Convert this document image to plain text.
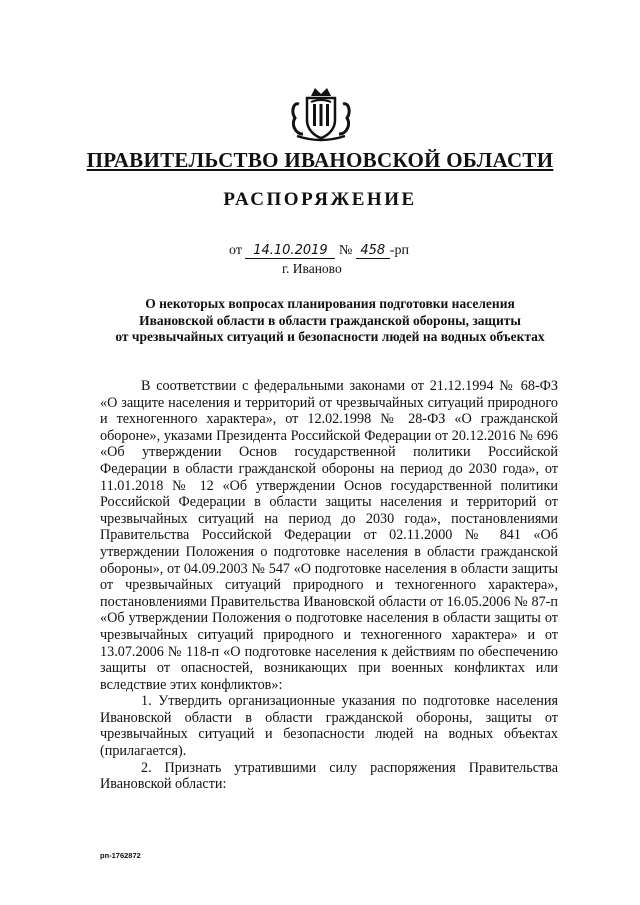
ПРАВИТЕЛЬСТВО ИВАНОВСКОЙ ОБЛАСТИ
РАСПОРЯЖЕНИЕ
от 14.10.2019 № 458 -рп
г. Иваново
О некоторых вопросах планирования подготовки населения
Ивановской области в области гражданской обороны, защиты
от чрезвычайных ситуаций и безопасности людей на водных объектах

В соответствии с федеральными законами от 21.12.1994 № 68-ФЗ «О защите населения и территорий от чрезвычайных ситуаций природного и техногенного характера», от 12.02.1998 № 28-ФЗ «О гражданской обороне», указами Президента Российской Федерации от 20.12.2016 № 696 «Об утверждении Основ государственной политики Российской Федерации в области гражданской обороны на период до 2030 года», от 11.01.2018 № 12 «Об утверждении Основ государственной политики Российской Федерации в области защиты населения и территорий от чрезвычайных ситуаций на период до 2030 года», постановлениями Правительства Российской Федерации от 02.11.2000 № 841 «Об утверждении Положения о подготовке населения в области гражданской обороны», от 04.09.2003 № 547 «О подготовке населения в области защиты от чрезвычайных ситуаций природного и техногенного характера», постановлениями Правительства Ивановской области от 16.05.2006 № 87-п «Об утверждении Положения о подготовке населения в области защиты от чрезвычайных ситуаций природного и техногенного характера» и от 13.07.2006 № 118-п «О подготовке населения к действиям по обеспечению защиты от опасностей, возникающих при военных конфликтах или вследствие этих конфликтов»:

1. Утвердить организационные указания по подготовке населения Ивановской области в области гражданской обороны, защиты от чрезвычайных ситуаций и безопасности людей на водных объектах (прилагается).

2. Признать утратившими силу распоряжения Правительства Ивановской области:

рп-1762872
